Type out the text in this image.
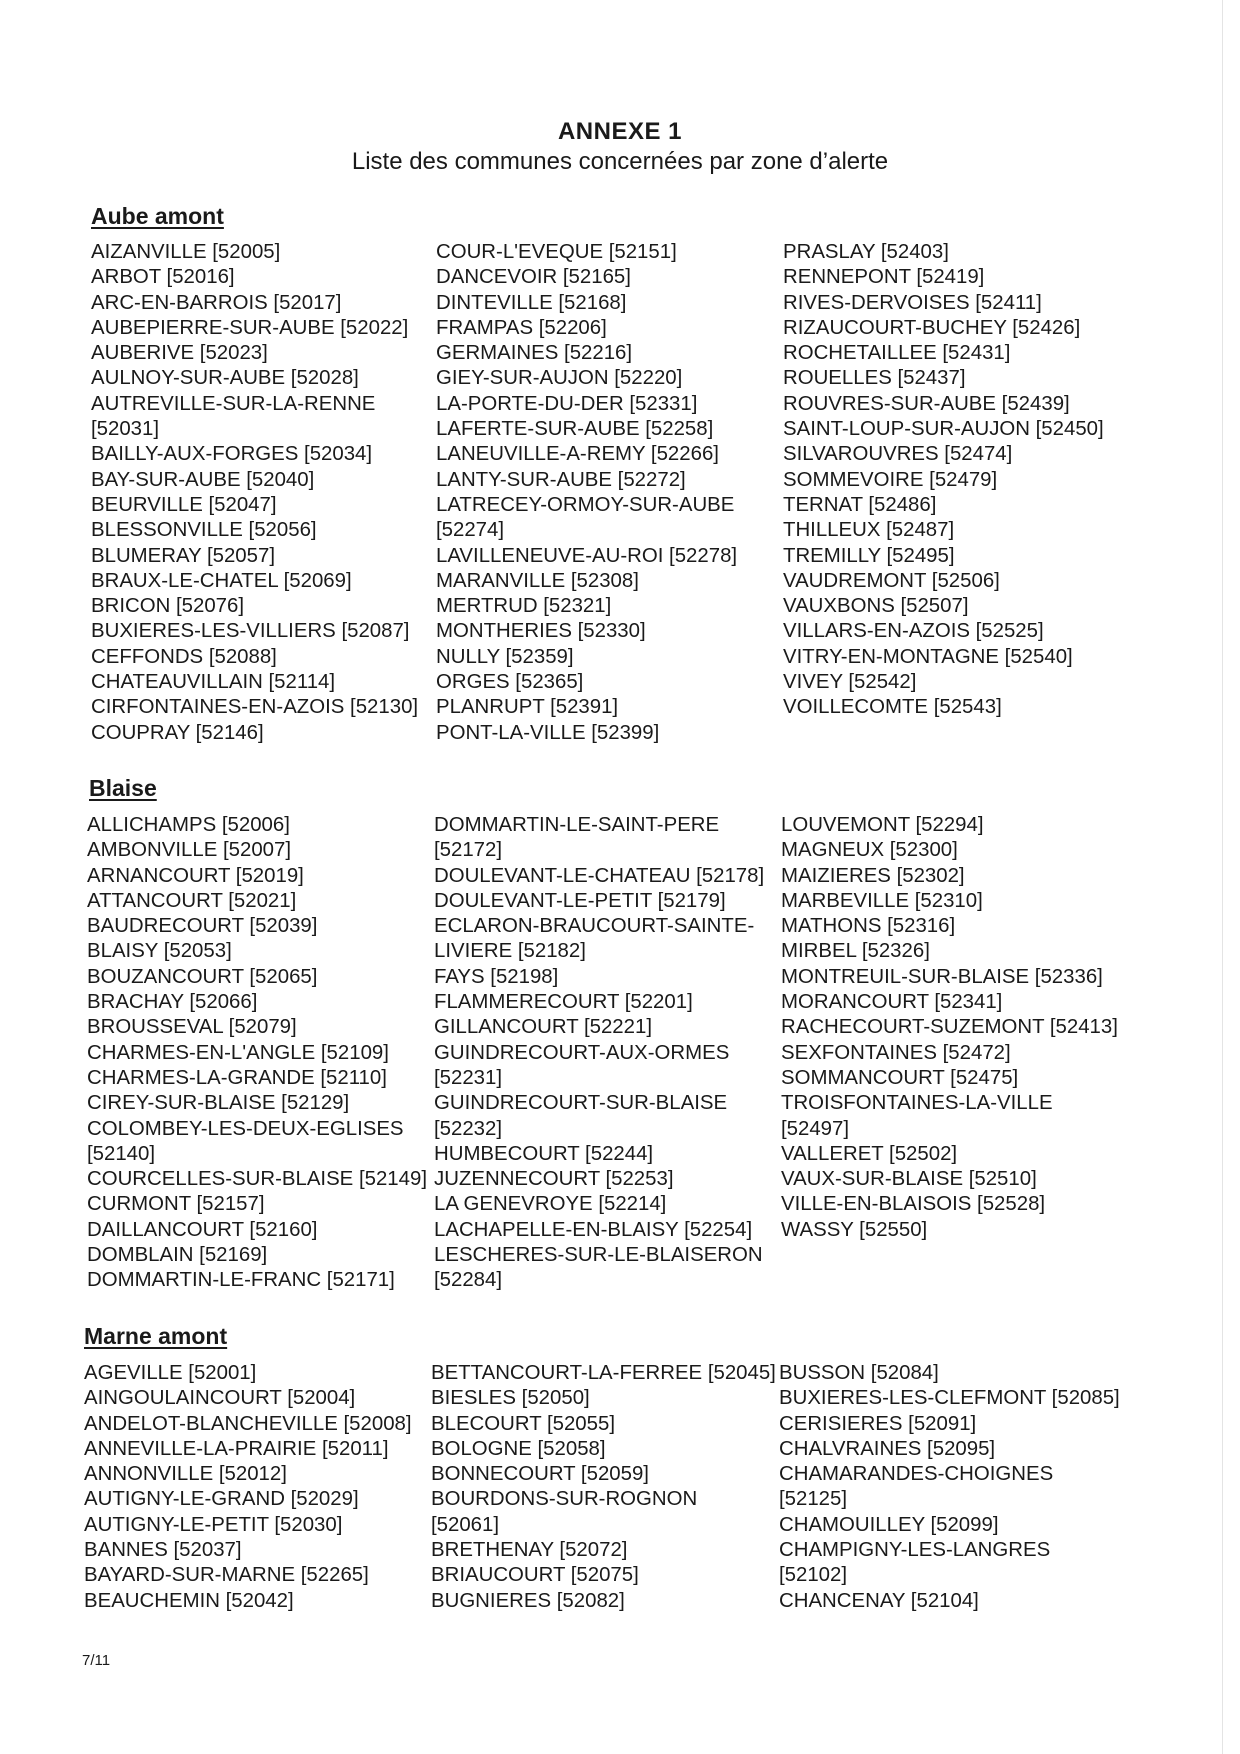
ANNEXE 1
Liste des communes concernées par zone d’alerte
Aube amont
AIZANVILLE [52005]
ARBOT [52016]
ARC-EN-BARROIS [52017]
AUBEPIERRE-SUR-AUBE [52022]
AUBERIVE [52023]
AULNOY-SUR-AUBE [52028]
AUTREVILLE-SUR-LA-RENNE
[52031]
BAILLY-AUX-FORGES [52034]
BAY-SUR-AUBE [52040]
BEURVILLE [52047]
BLESSONVILLE [52056]
BLUMERAY [52057]
BRAUX-LE-CHATEL [52069]
BRICON [52076]
BUXIERES-LES-VILLIERS [52087]
CEFFONDS [52088]
CHATEAUVILLAIN [52114]
CIRFONTAINES-EN-AZOIS [52130]
COUPRAY [52146]
COUR-L'EVEQUE [52151]
DANCEVOIR [52165]
DINTEVILLE [52168]
FRAMPAS [52206]
GERMAINES [52216]
GIEY-SUR-AUJON [52220]
LA-PORTE-DU-DER [52331]
LAFERTE-SUR-AUBE [52258]
LANEUVILLE-A-REMY [52266]
LANTY-SUR-AUBE [52272]
LATRECEY-ORMOY-SUR-AUBE
[52274]
LAVILLENEUVE-AU-ROI [52278]
MARANVILLE [52308]
MERTRUD [52321]
MONTHERIES [52330]
NULLY [52359]
ORGES [52365]
PLANRUPT [52391]
PONT-LA-VILLE [52399]
PRASLAY [52403]
RENNEPONT [52419]
RIVES-DERVOISES [52411]
RIZAUCOURT-BUCHEY [52426]
ROCHETAILLEE [52431]
ROUELLES [52437]
ROUVRES-SUR-AUBE [52439]
SAINT-LOUP-SUR-AUJON [52450]
SILVAROUVRES [52474]
SOMMEVOIRE [52479]
TERNAT [52486]
THILLEUX [52487]
TREMILLY [52495]
VAUDREMONT [52506]
VAUXBONS [52507]
VILLARS-EN-AZOIS [52525]
VITRY-EN-MONTAGNE [52540]
VIVEY [52542]
VOILLECOMTE [52543]
Blaise
ALLICHAMPS [52006]
AMBONVILLE [52007]
ARNANCOURT [52019]
ATTANCOURT [52021]
BAUDRECOURT [52039]
BLAISY [52053]
BOUZANCOURT [52065]
BRACHAY [52066]
BROUSSEVAL [52079]
CHARMES-EN-L'ANGLE [52109]
CHARMES-LA-GRANDE [52110]
CIREY-SUR-BLAISE [52129]
COLOMBEY-LES-DEUX-EGLISES
[52140]
COURCELLES-SUR-BLAISE [52149]
CURMONT [52157]
DAILLANCOURT [52160]
DOMBLAIN [52169]
DOMMARTIN-LE-FRANC [52171]
DOMMARTIN-LE-SAINT-PERE
[52172]
DOULEVANT-LE-CHATEAU [52178]
DOULEVANT-LE-PETIT [52179]
ECLARON-BRAUCOURT-SAINTE-
LIVIERE [52182]
FAYS [52198]
FLAMMERECOURT [52201]
GILLANCOURT [52221]
GUINDRECOURT-AUX-ORMES
[52231]
GUINDRECOURT-SUR-BLAISE
[52232]
HUMBECOURT [52244]
JUZENNECOURT [52253]
LA GENEVROYE [52214]
LACHAPELLE-EN-BLAISY [52254]
LESCHERES-SUR-LE-BLAISERON
[52284]
LOUVEMONT [52294]
MAGNEUX [52300]
MAIZIERES [52302]
MARBEVILLE [52310]
MATHONS [52316]
MIRBEL [52326]
MONTREUIL-SUR-BLAISE [52336]
MORANCOURT [52341]
RACHECOURT-SUZEMONT [52413]
SEXFONTAINES [52472]
SOMMANCOURT [52475]
TROISFONTAINES-LA-VILLE
[52497]
VALLERET [52502]
VAUX-SUR-BLAISE [52510]
VILLE-EN-BLAISOIS [52528]
WASSY [52550]
Marne amont
AGEVILLE [52001]
AINGOULAINCOURT [52004]
ANDELOT-BLANCHEVILLE [52008]
ANNEVILLE-LA-PRAIRIE [52011]
ANNONVILLE [52012]
AUTIGNY-LE-GRAND [52029]
AUTIGNY-LE-PETIT [52030]
BANNES [52037]
BAYARD-SUR-MARNE [52265]
BEAUCHEMIN [52042]
BETTANCOURT-LA-FERREE [52045]
BIESLES [52050]
BLECOURT [52055]
BOLOGNE [52058]
BONNECOURT [52059]
BOURDONS-SUR-ROGNON
[52061]
BRETHENAY [52072]
BRIAUCOURT [52075]
BUGNIERES [52082]
BUSSON [52084]
BUXIERES-LES-CLEFMONT [52085]
CERISIERES [52091]
CHALVRAINES [52095]
CHAMARANDES-CHOIGNES
[52125]
CHAMOUILLEY [52099]
CHAMPIGNY-LES-LANGRES
[52102]
CHANCENAY [52104]
7/11
